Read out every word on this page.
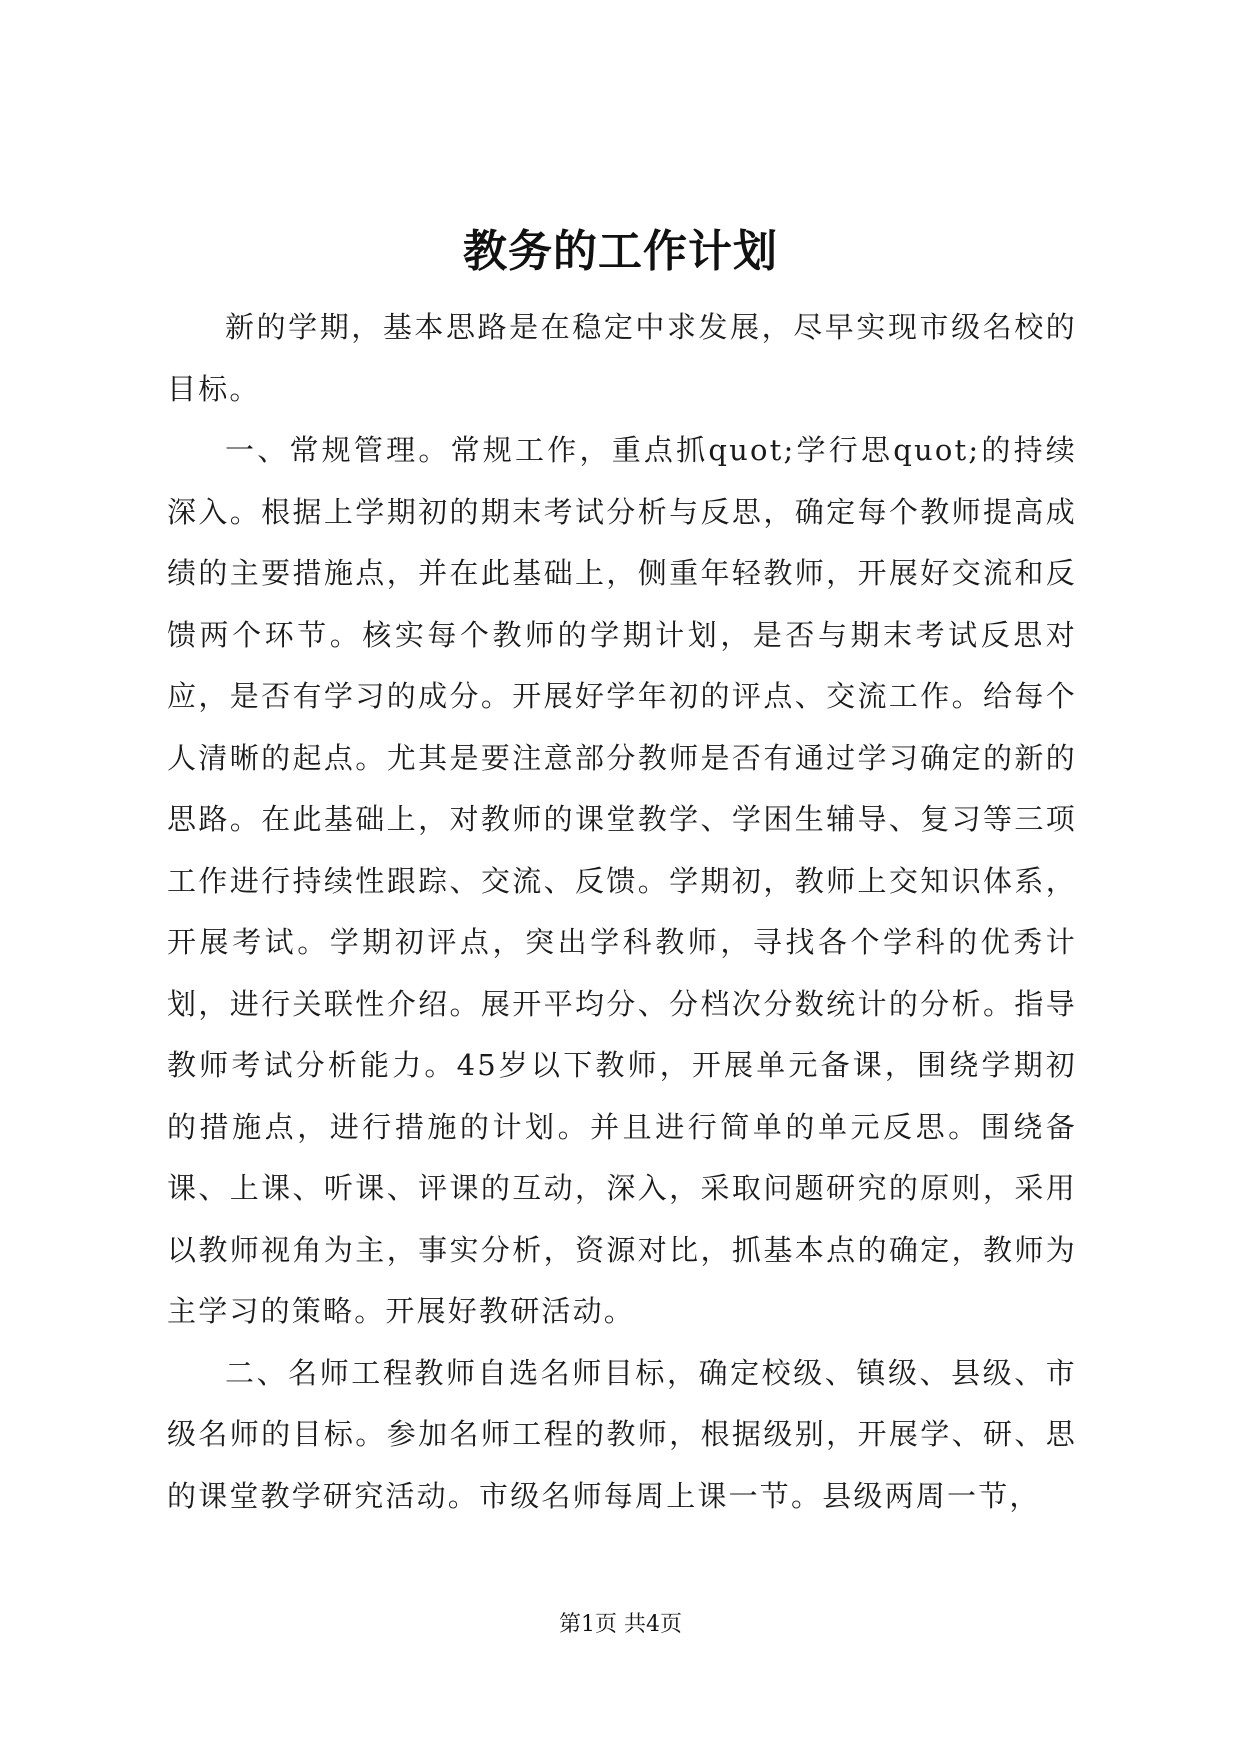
教务的工作计划

新的学期，基本思路是在稳定中求发展，尽早实现市级名校的目标。

一、常规管理。常规工作，重点抓quot;学行思quot;的持续深入。根据上学期初的期末考试分析与反思，确定每个教师提高成绩的主要措施点，并在此基础上，侧重年轻教师，开展好交流和反馈两个环节。核实每个教师的学期计划，是否与期末考试反思对应，是否有学习的成分。开展好学年初的评点、交流工作。给每个人清晰的起点。尤其是要注意部分教师是否有通过学习确定的新的思路。在此基础上，对教师的课堂教学、学困生辅导、复习等三项工作进行持续性跟踪、交流、反馈。学期初，教师上交知识体系，开展考试。学期初评点，突出学科教师，寻找各个学科的优秀计划，进行关联性介绍。展开平均分、分档次分数统计的分析。指导教师考试分析能力。45岁以下教师，开展单元备课，围绕学期初的措施点，进行措施的计划。并且进行简单的单元反思。围绕备课、上课、听课、评课的互动，深入，采取问题研究的原则，采用以教师视角为主，事实分析，资源对比，抓基本点的确定，教师为主学习的策略。开展好教研活动。

二、名师工程教师自选名师目标，确定校级、镇级、县级、市级名师的目标。参加名师工程的教师，根据级别，开展学、研、思的课堂教学研究活动。市级名师每周上课一节。县级两周一节，

第1页 共4页
